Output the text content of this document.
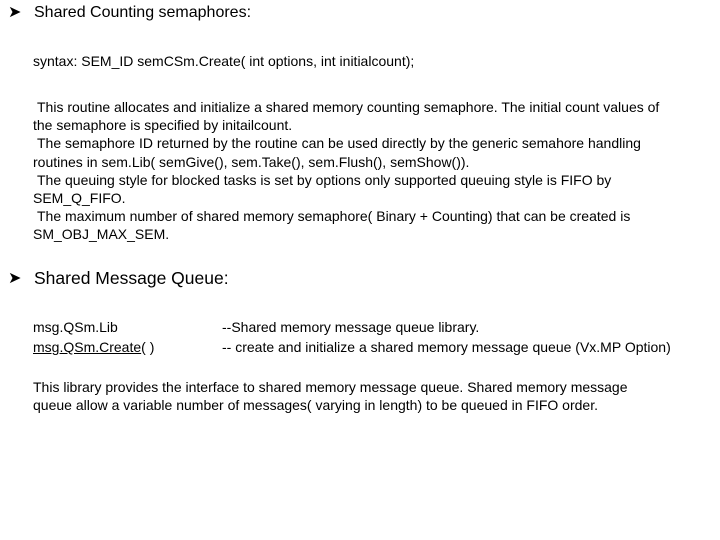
➤ Shared Counting semaphores:
syntax: SEM_ID semCSm.Create( int options, int initialcount);
This routine allocates and initialize a shared memory counting semaphore. The initial count values of
the semaphore is specified by initailcount.
The semaphore ID returned by the routine can be used directly by the generic semahore handling
routines in sem.Lib( semGive(), sem.Take(), sem.Flush(), semShow()).
The queuing style for blocked tasks is set by options only supported queuing style is FIFO by
SEM_Q_FIFO.
The maximum number of shared memory semaphore( Binary + Counting) that can be created is
SM_OBJ_MAX_SEM.
➤ Shared Message Queue:
msg.QSm.Lib	--Shared memory message queue library.
msg.QSm.Create( )	-- create and initialize a shared memory message queue (Vx.MP Option)
This library provides the interface to shared memory message queue. Shared memory message
queue allow a variable number of messages( varying in length) to be queued in FIFO order.
